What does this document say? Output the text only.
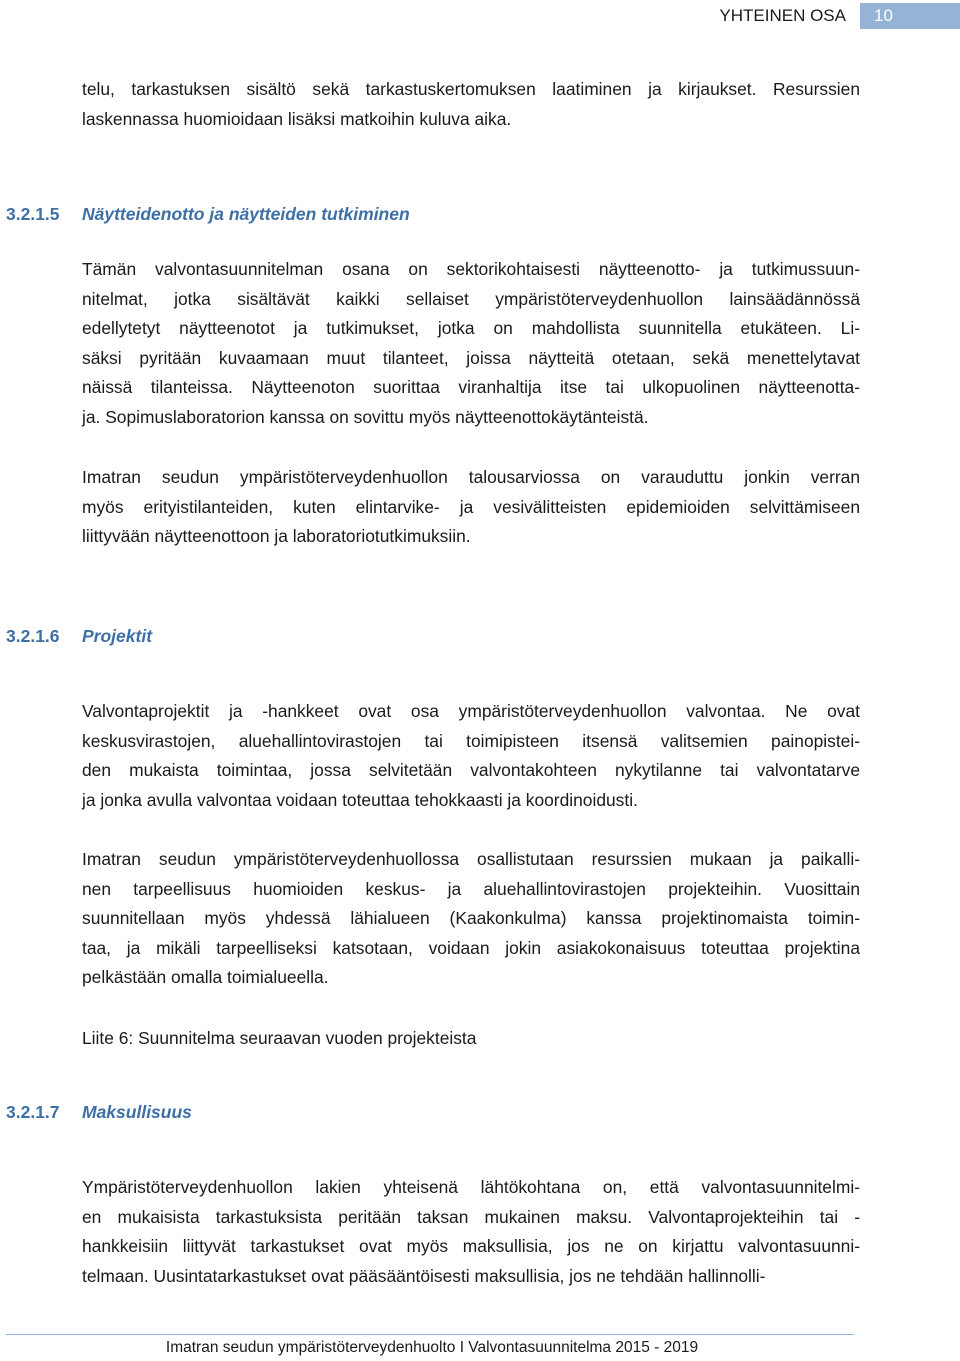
YHTEINEN OSA	10
telu, tarkastuksen sisältö sekä tarkastuskertomuksen laatiminen ja kirjaukset. Resurssien
laskennassa huomioidaan lisäksi matkoihin kuluva aika.
3.2.1.5 Näytteidenotto ja näytteiden tutkiminen
Tämän valvontasuunnitelman osana on sektorikohtaisesti näytteenotto- ja tutkimussuun-
nitelmat, jotka sisältävät kaikki sellaiset ympäristöterveydenhuollon lainsäädännössä
edellytetyt näytteenotot ja tutkimukset, jotka on mahdollista suunnitella etukäteen. Li-
säksi pyritään kuvaamaan muut tilanteet, joissa näytteitä otetaan, sekä menettelytavat
näissä tilanteissa. Näytteenoton suorittaa viranhaltija itse tai ulkopuolinen näytteenotta-
ja. Sopimuslaboratorion kanssa on sovittu myös näytteenottokäytänteistä.
Imatran seudun ympäristöterveydenhuollon talousarviossa on varauduttu jonkin verran
myös erityistilanteiden, kuten elintarvike- ja vesivälitteisten epidemioiden selvittämiseen
liittyvään näytteenottoon ja laboratoriotutkimuksiin.
3.2.1.6 Projektit
Valvontaprojektit ja -hankkeet ovat osa ympäristöterveydenhuollon valvontaa. Ne ovat
keskusvirastojen, aluehallintovirastojen tai toimipisteen itsensä valitsemien painopistei-
den mukaista toimintaa, jossa selvitetään valvontakohteen nykytilanne tai valvontatarve
ja jonka avulla valvontaa voidaan toteuttaa tehokkaasti ja koordinoidusti.
Imatran seudun ympäristöterveydenhuollossa osallistutaan resurssien mukaan ja paikalli-
nen tarpeellisuus huomioiden keskus- ja aluehallintovirastojen projekteihin. Vuosittain
suunnitellaan myös yhdessä lähialueen (Kaakonkulma) kanssa projektinomaista toimin-
taa, ja mikäli tarpeelliseksi katsotaan, voidaan jokin asiakokonaisuus toteuttaa projektina
pelkästään omalla toimialueella.
Liite 6: Suunnitelma seuraavan vuoden projekteista
3.2.1.7 Maksullisuus
Ympäristöterveydenhuollon lakien yhteisenä lähtökohtana on, että valvontasuunnitelmi-
en mukaisista tarkastuksista peritään taksan mukainen maksu. Valvontaprojekteihin tai -
hankkeisiin liittyvät tarkastukset ovat myös maksullisia, jos ne on kirjattu valvontasuunni-
telmaan. Uusintatarkastukset ovat pääsääntöisesti maksullisia, jos ne tehdään hallinnolli-
Imatran seudun ympäristöterveydenhuolto I Valvontasuunnitelma 2015 - 2019
